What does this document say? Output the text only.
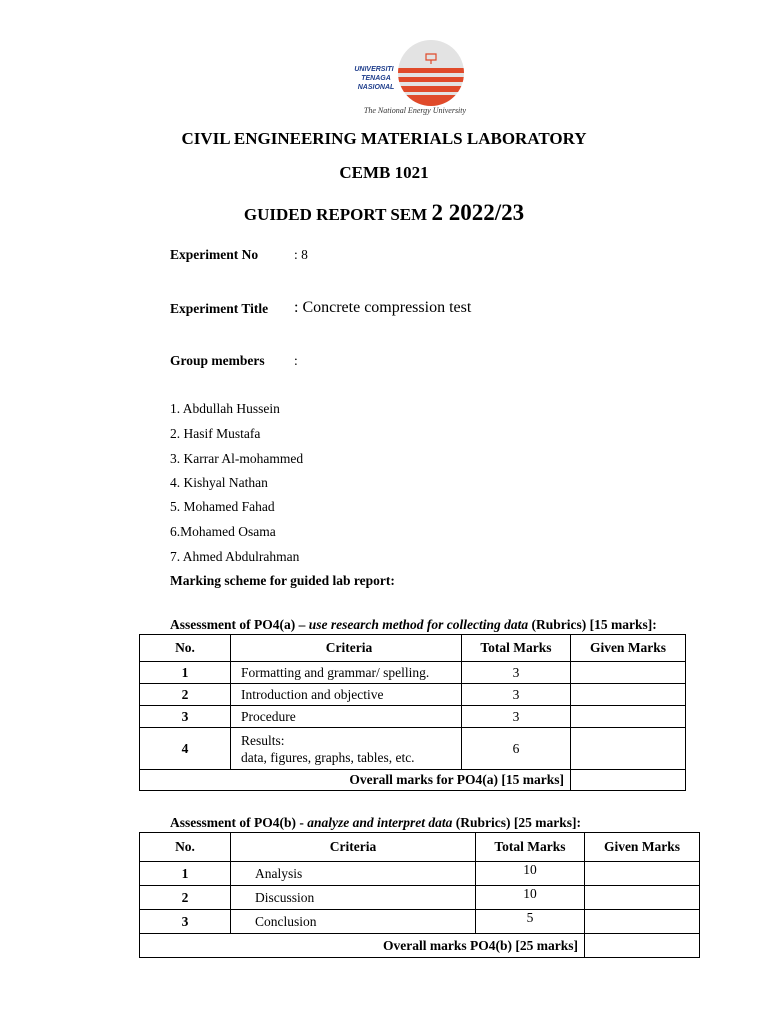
UNIVERSITI
TENAGA
NASIONAL
The National Energy University
CIVIL ENGINEERING MATERIALS LABORATORY
CEMB 1021
GUIDED REPORT SEM 2 2022/23
Experiment No	: 8
Experiment Title : Concrete compression test
Group members :
1. Abdullah Hussein
2. Hasif Mustafa
3. Karrar Al-mohammed
4. Kishyal Nathan
5. Mohamed Fahad
6.Mohamed Osama
7. Ahmed Abdulrahman
Marking scheme for guided lab report:
Assessment of PO4(a) – use research method for collecting data (Rubrics) [15 marks]:
No.	Criteria	Total Marks	Given Marks
1	Formatting and grammar/ spelling.	3	
2	Introduction and objective	3	
3	Procedure	3	
4	Results:
data, figures, graphs, tables, etc.	6	
Overall marks for PO4(a) [15 marks]			
Assessment of PO4(b) - analyze and interpret data (Rubrics) [25 marks]:
No.	Criteria	Total Marks	Given Marks
1	Analysis	10	
2	Discussion	10	
3	Conclusion	5	
Overall marks PO4(b) [25 marks]			
